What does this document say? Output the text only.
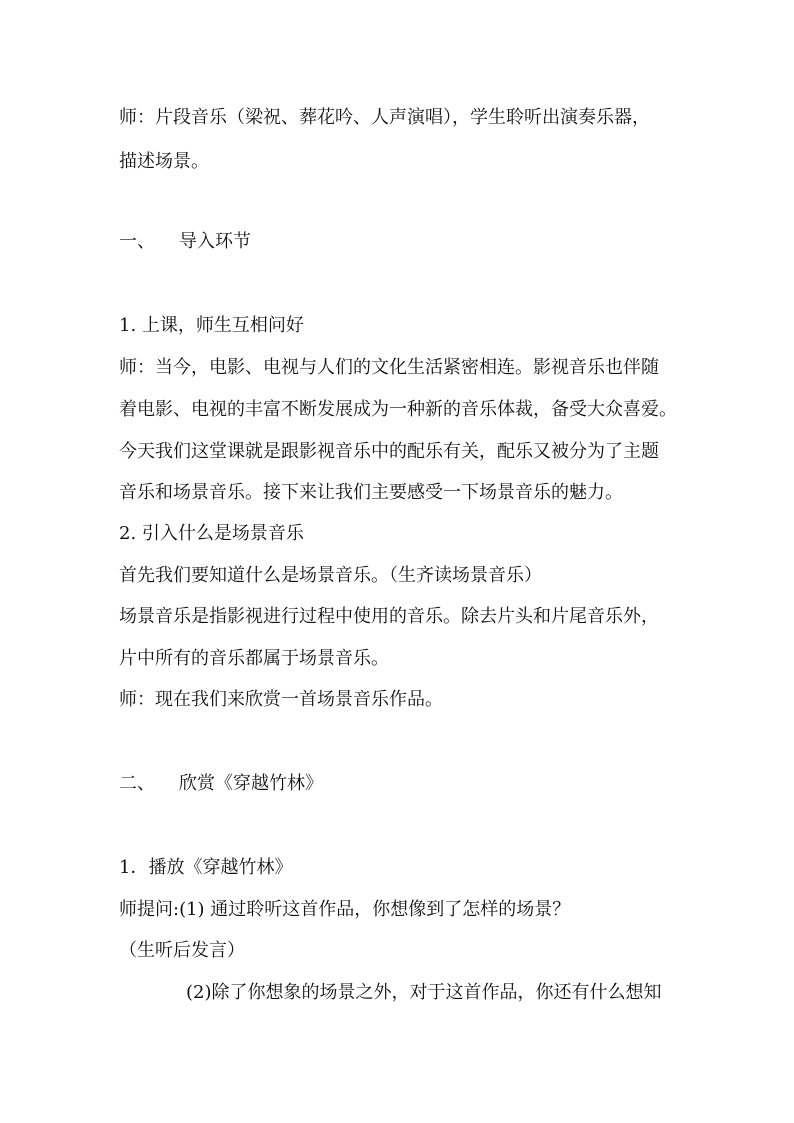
师：片段音乐（梁祝、葬花吟、人声演唱），学生聆听出演奏乐器，
描述场景。
一、 导入环节
1. 上课，师生互相问好
师：当今，电影、电视与人们的文化生活紧密相连。影视音乐也伴随
着电影、电视的丰富不断发展成为一种新的音乐体裁，备受大众喜爱。
今天我们这堂课就是跟影视音乐中的配乐有关，配乐又被分为了主题
音乐和场景音乐。接下来让我们主要感受一下场景音乐的魅力。
2. 引入什么是场景音乐
首先我们要知道什么是场景音乐。（生齐读场景音乐）
场景音乐是指影视进行过程中使用的音乐。除去片头和片尾音乐外，
片中所有的音乐都属于场景音乐。
师：现在我们来欣赏一首场景音乐作品。
二、 欣赏《穿越竹林》
1．播放《穿越竹林》
师提问:(1) 通过聆听这首作品，你想像到了怎样的场景？
（生听后发言）
(2)除了你想象的场景之外，对于这首作品，你还有什么想知
